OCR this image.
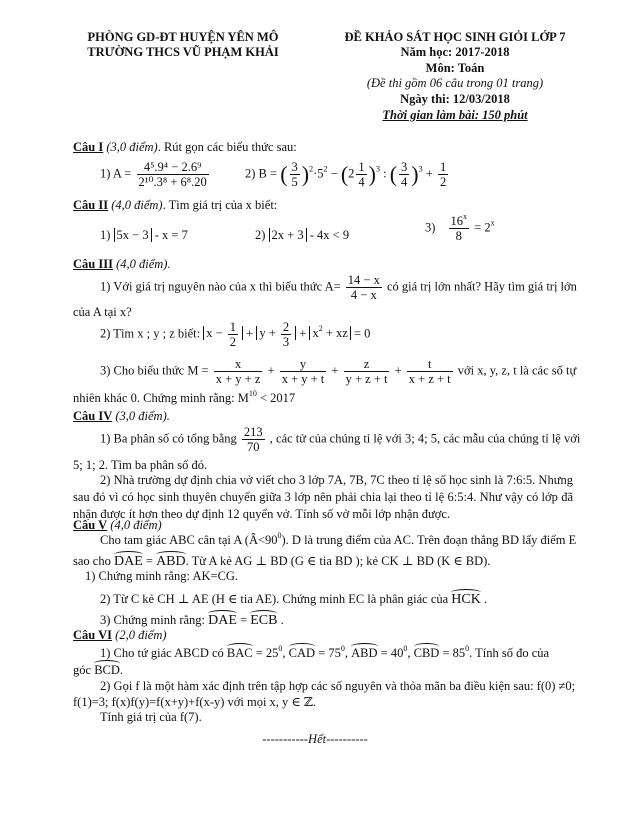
PHÒNG GD-ĐT HUYỆN YÊN MÔ
TRƯỜNG THCS VŨ PHẠM KHẢI
ĐỀ KHẢO SÁT HỌC SINH GIỎI LỚP 7
Năm học: 2017-2018
Môn: Toán
(Đề thi gồm 06 câu trong 01 trang)
Ngày thi: 12/03/2018
Thời gian làm bài: 150 phút
Câu I (3,0 điểm). Rút gọn các biểu thức sau:
1) $A = \frac{\text{4⁵.9⁴ − 2.6⁹}}{\text{2¹⁰.3⁸ + 6⁸.20}}$	2) B = ( $\frac{3}{5} )^2\cdot 5^2 - (2 \frac{1}{4} )^3$ : ( $\frac{3}{4} )^3 + \frac{1}{2}$
Câu II (4,0 điểm). Tìm giá trị của x biết:
1) 5x − 3 - x = 7	2) 2x + 3 - 4x < 9
$3) \frac{16^x}{8} = 2^x$
Câu III (4,0 điểm).
1) Với giá trị nguyên nào của x thì biểu thức $A= \frac{14 - x}{4 - x}$ có giá trị lớn nhất? Hãy tìm giá trị lớn
của A tại x?
2) Tìm x ; y ; z biết: $x - \frac{1}{2} + y + \frac{2}{3} + x^2$ + xz = 0
3) Cho biểu thức $M = \frac{x}{x + y + z} + \frac{y}{x + y + t} + \frac{z}{y + z + t} + \frac{t}{x + z + t}$ với x, y, z, t là các số tự
nhiên khác 0. Chứng minh rằng: $M^{10} < 2017$
Câu IV (3,0 điểm).
1) Ba phân số có tổng bằng $\frac{213}{70}$ , các tử của chúng tỉ lệ với 3; 4; 5, các mẫu của chúng tỉ lệ với
5; 1; 2. Tìm ba phân số đó.
2) Nhà trường dự định chia vở viết cho 3 lớp 7A, 7B, 7C theo tỉ lệ số học sinh là 7:6:5. Nhưng sau đó vì có học sinh thuyên chuyển giữa 3 lớp nên phải chia lại theo tỉ lệ 6:5:4. Như vậy có lớp đã nhận được ít hơn theo dự định 12 quyển vở. Tính số vở mỗi lớp nhận được.
Câu V (4,0 điểm)
Cho tam giác ABC cân tại A $(Â<90^0)$. D là trung điểm của AC. Trên đoạn thẳng BD lấy điểm E
sao cho DAE = ABD. Từ A kẻ AG ⊥ BD (G ∈ tia BD ); kẻ CK ⊥ BD (K ∈ BD).
1) Chứng minh rằng: AK=CG.
2) Từ C kẻ CH ⊥ AE (H ∈ tia AE). Chứng minh EC là phân giác của HCK .
3) Chứng minh rằng: DAE = ECB .
Câu VI (2,0 điểm)
1) Cho tứ giác ABCD có BAC = $25^0$, CAD = $75^0$, ABD = $40^0$, CBD = $85^0$. Tính số đo của
góc BCD.
2) Gọi f là một hàm xác định trên tập hợp các số nguyên và thỏa mãn ba điều kiện sau: f(0) ≠0;
f(1)=3; f(x)f(y)=f(x+y)+f(x-y) với mọi x, y ∈ ℤ.
Tính giá trị của f(7).
-----------Hết----------
